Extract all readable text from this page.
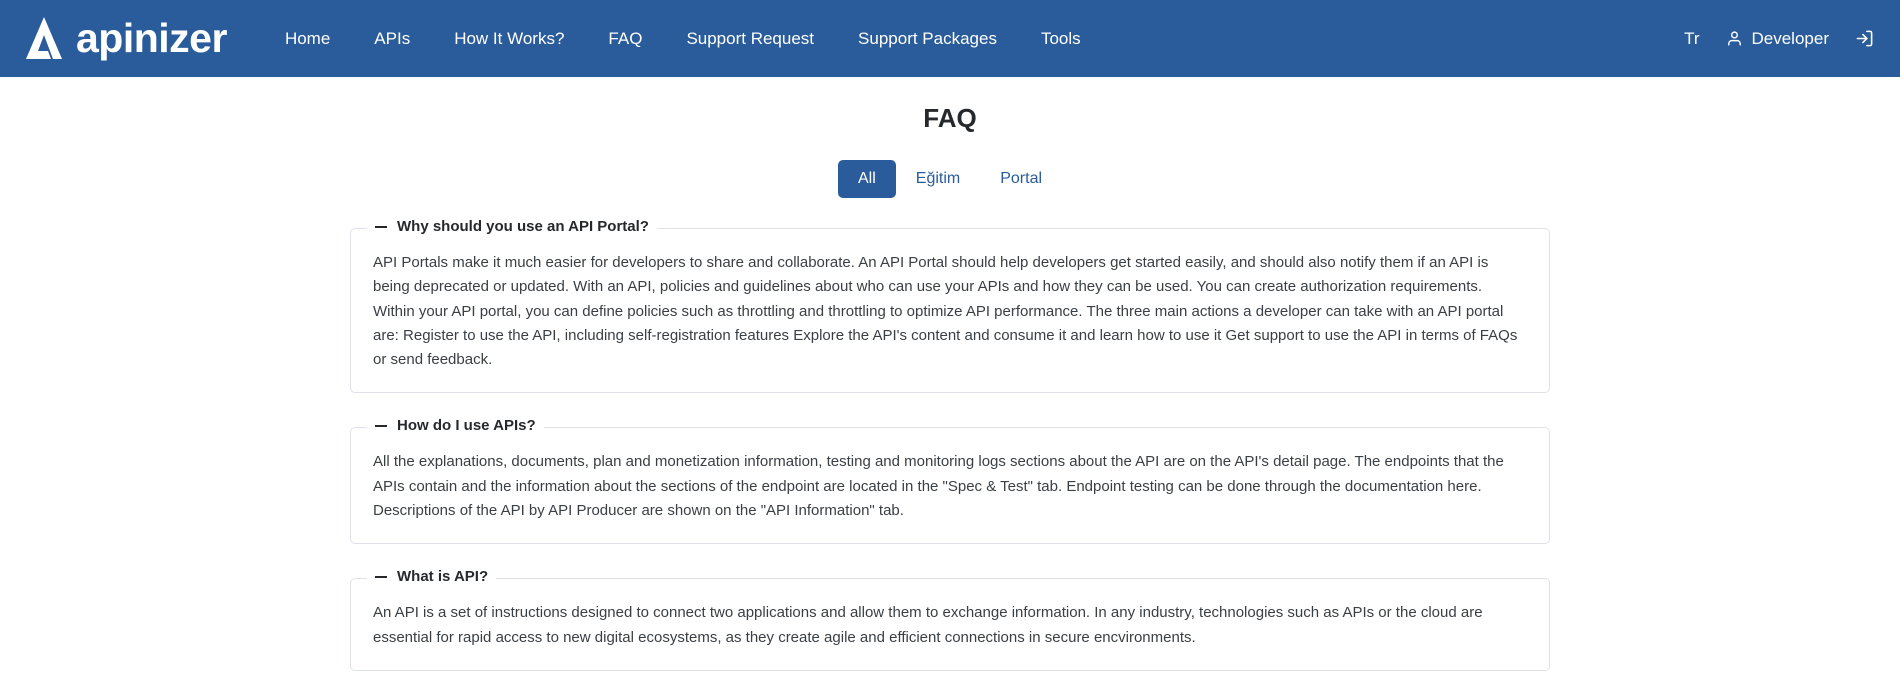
apinizer	Home	APIs	How It Works?	FAQ	Support Request	Support Packages	Tools	Tr	Developer
FAQ
All	Eğitim	Portal
Why should you use an API Portal?
API Portals make it much easier for developers to share and collaborate. An API Portal should help developers get started easily, and should also notify them if an API is being deprecated or updated. With an API, policies and guidelines about who can use your APIs and how they can be used. You can create authorization requirements. Within your API portal, you can define policies such as throttling and throttling to optimize API performance. The three main actions a developer can take with an API portal are: Register to use the API, including self-registration features Explore the API's content and consume it and learn how to use it Get support to use the API in terms of FAQs or send feedback.
How do I use APIs?
All the explanations, documents, plan and monetization information, testing and monitoring logs sections about the API are on the API's detail page. The endpoints that the APIs contain and the information about the sections of the endpoint are located in the "Spec & Test" tab. Endpoint testing can be done through the documentation here. Descriptions of the API by API Producer are shown on the "API Information" tab.
What is API?
An API is a set of instructions designed to connect two applications and allow them to exchange information. In any industry, technologies such as APIs or the cloud are essential for rapid access to new digital ecosystems, as they create agile and efficient connections in secure encvironments.
